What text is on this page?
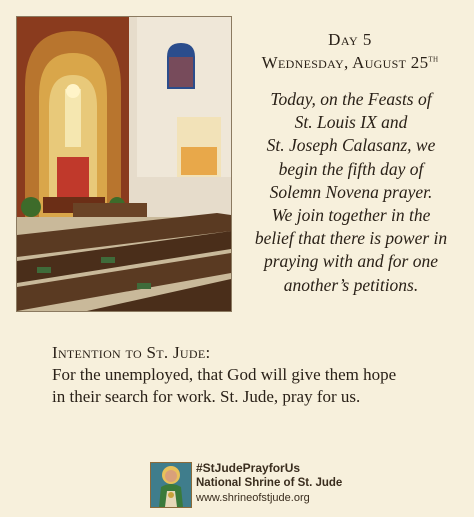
Day 5
Wednesday, August 25th
Today, on the Feasts of
St. Louis IX and
St. Joseph Calasanz, we
begin the fifth day of
Solemn Novena prayer.
We join together in the
belief that there is power in
praying with and for one
another’s petitions.
Intention to St. Jude:
For the unemployed, that God will give them hope
in their search for work. St. Jude, pray for us.
#StJudePrayforUs
National Shrine of St. Jude
www.shrineofstjude.org
